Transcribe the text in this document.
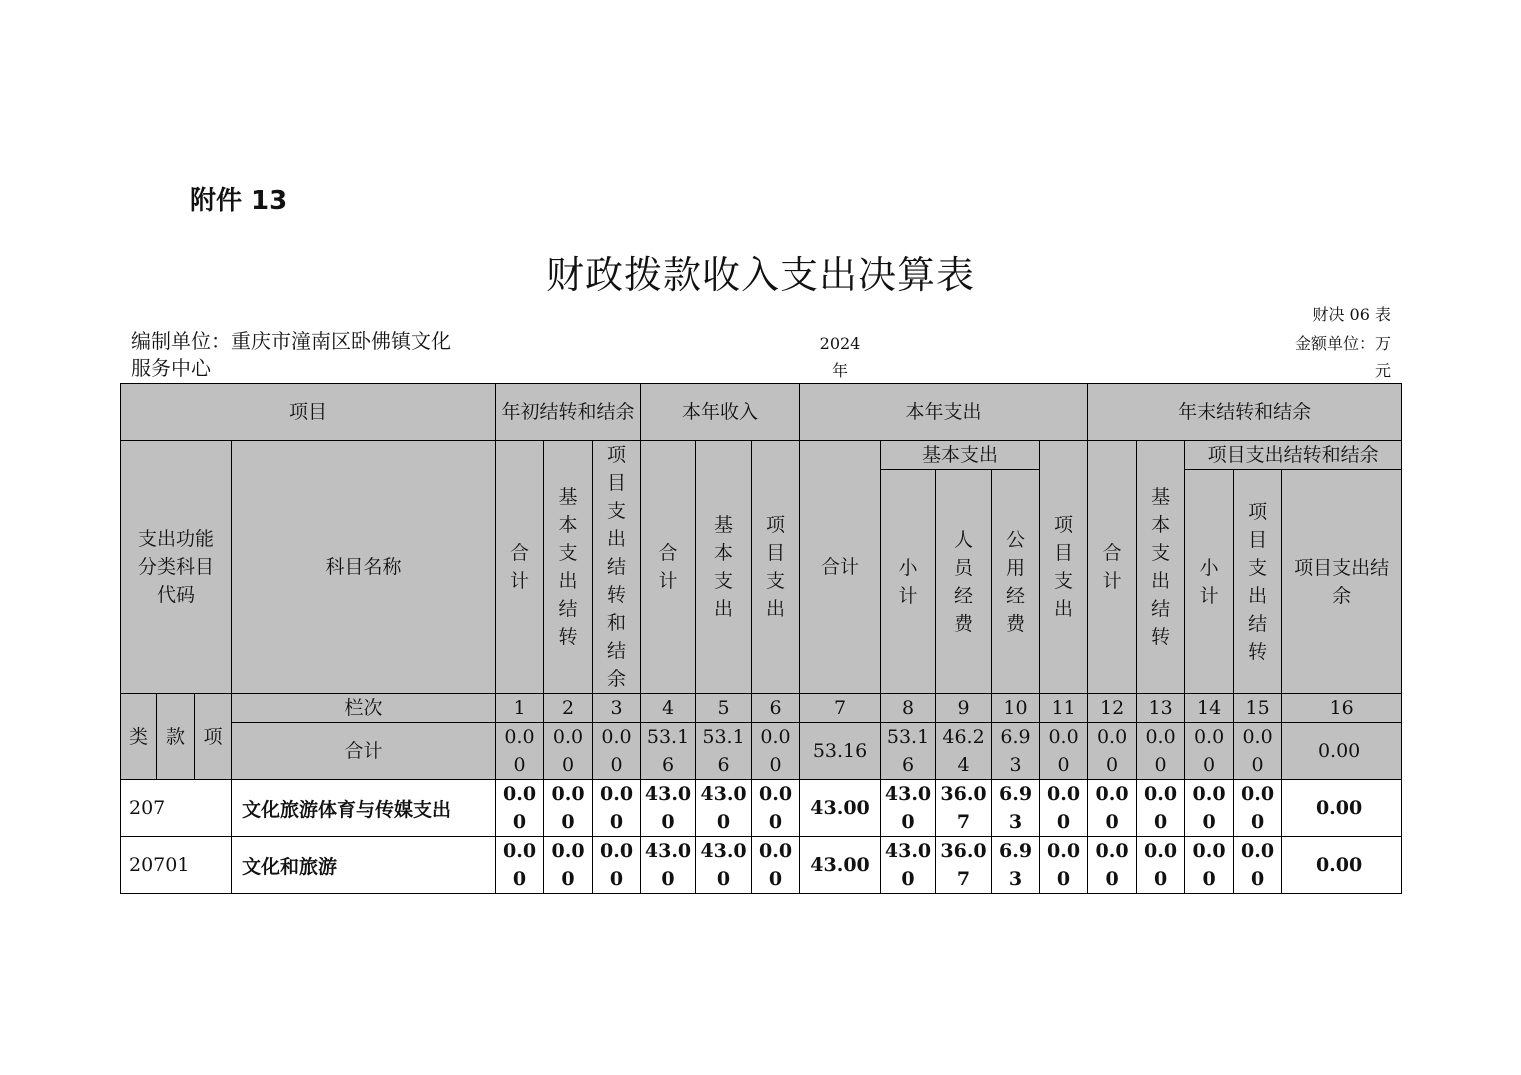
附件 13
财政拨款收入支出决算表
财决 06 表
编制单位：重庆市潼南区卧佛镇文化
服务中心
2024 年
金额单位：万
元
项目				年初结转和结余			本年收入			本年支出					年末结转和结余				
支出功能分类科目代码			科目名称	合计	基本支出结转	项目支出结转和结余	合计	基本支出	项目支出	合计	基本支出			项目支出	合计	基本支出结转	项目支出结转和结余		
											小计	人员经费	公用经费				小计	项目支出结转	项目支出结余
类	款	项	栏次	1	2	3	4	5	6	7	8	9	10	11	12	13	14	15	16
			合计	0.00	0.00	0.00	53.16	53.16	0.00	53.16	53.16	46.24	6.93	0.00	0.00	0.00	0.00	0.00	0.00
207			文化旅游体育与传媒支出	0.00	0.00	0.00	43.00	43.00	0.00	43.00	43.00	36.07	6.93	0.00	0.00	0.00	0.00	0.00	0.00
20701			文化和旅游	0.00	0.00	0.00	43.00	43.00	0.00	43.00	43.00	36.07	6.93	0.00	0.00	0.00	0.00	0.00	0.00
